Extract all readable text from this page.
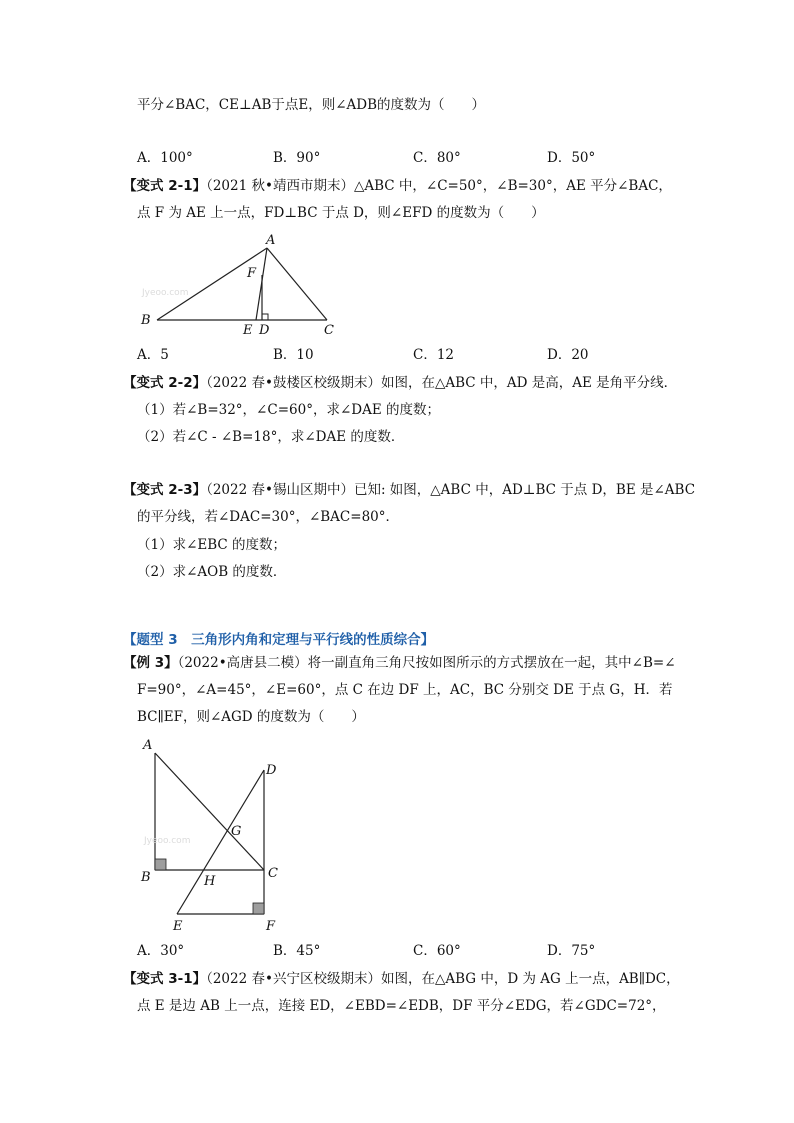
平分∠BAC，CE⊥AB于点E，则∠ADB的度数为（　　）
A．100°	B．90°	C．80°	D．50°
【变式 2-1】（2021 秋•靖西市期末）△ABC 中，∠C=50°，∠B=30°，AE 平分∠BAC，
点 F 为 AE 上一点，FD⊥BC 于点 D，则∠EFD 的度数为（　　）
A
F
B
E D	C
Jyeoo.com
A．5	B．10	C．12	D．20
【变式 2-2】（2022 春•鼓楼区校级期末）如图，在△ABC 中，AD 是高，AE 是角平分线．
（1）若∠B=32°，∠C=60°，求∠DAE 的度数；
（2）若∠C - ∠B=18°，求∠DAE 的度数．
【变式 2-3】（2022 春•锡山区期中）已知: 如图，△ABC 中，AD⊥BC 于点 D，BE 是∠ABC
的平分线，若∠DAC=30°，∠BAC=80°．
（1）求∠EBC 的度数；
（2）求∠AOB 的度数．
【题型 3　三角形内角和定理与平行线的性质综合】
【例 3】（2022•高唐县二模）将一副直角三角尺按如图所示的方式摆放在一起，其中∠B=∠
F=90°，∠A=45°，∠E=60°，点 C 在边 DF 上，AC，BC 分别交 DE 于点 G，H．若
BC∥EF，则∠AGD 的度数为（　　）
A
D
G
B	H
C
E	F
Jyeoo.com
A．30°	B．45°	C．60°	D．75°
【变式 3-1】（2022 春•兴宁区校级期末）如图，在△ABG 中，D 为 AG 上一点，AB∥DC，
点 E 是边 AB 上一点，连接 ED，∠EBD=∠EDB，DF 平分∠EDG，若∠GDC=72°，
